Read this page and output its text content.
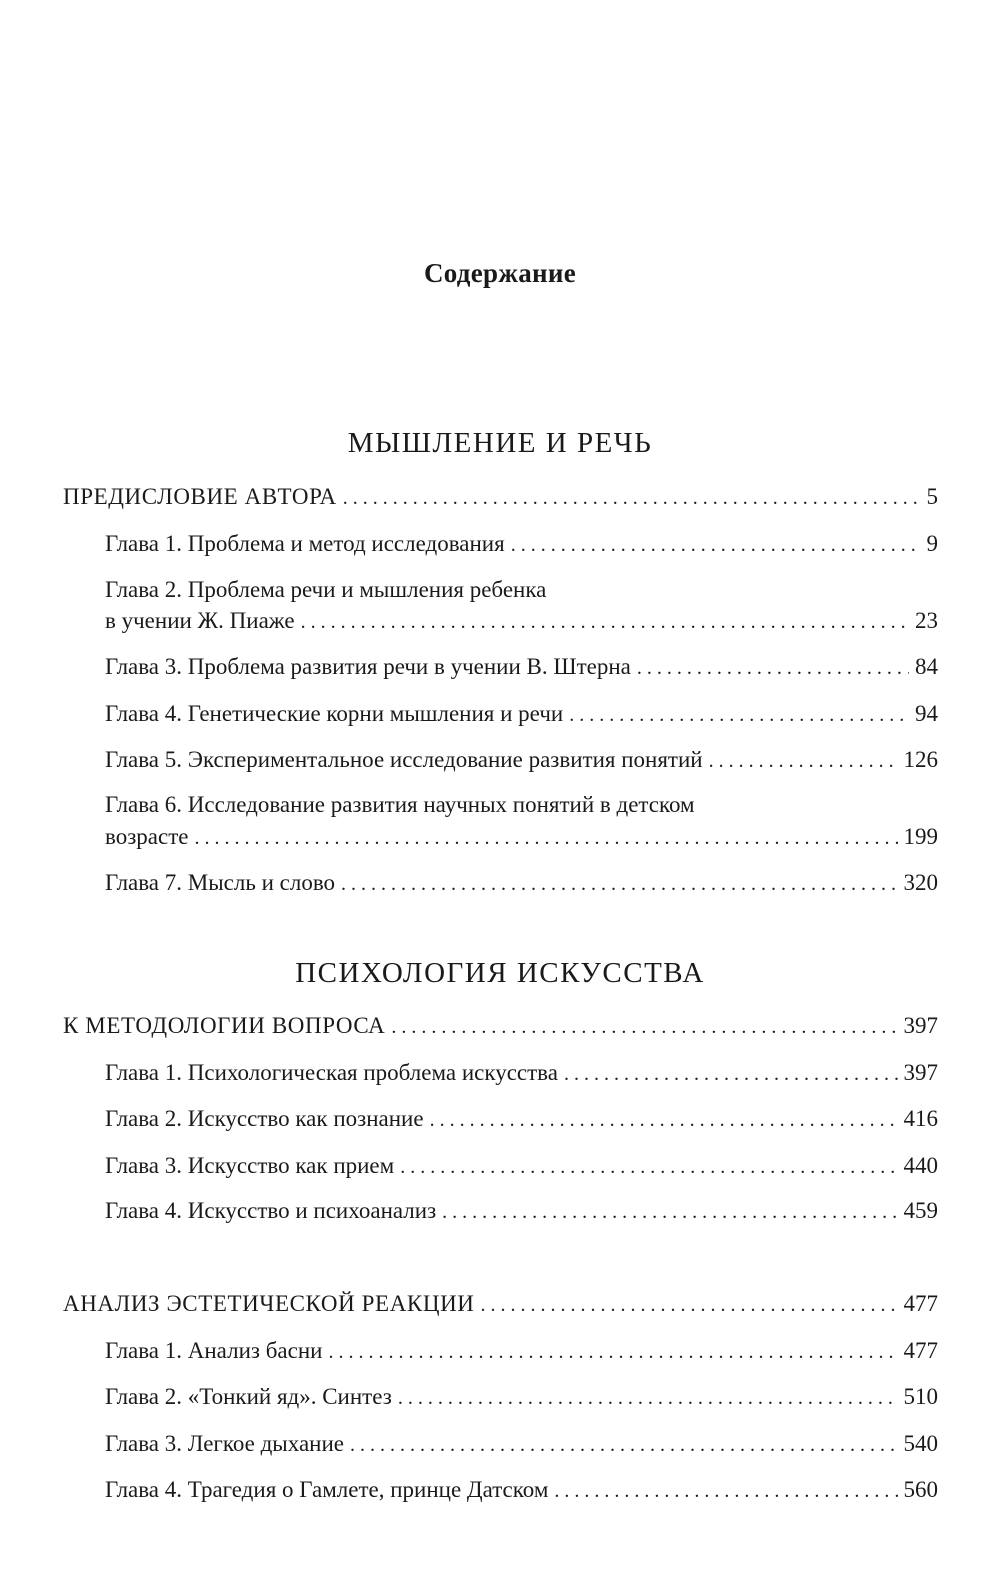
Содержание
МЫШЛЕНИЕ И РЕЧЬ
ПРЕДИСЛОВИЕ АВТОРА . . .	5
Глава 1. Проблема и метод исследования . . .	9
Глава 2. Проблема речи и мышления ребенка
в учении Ж. Пиаже . . .	23
Глава 3. Проблема развития речи в учении В. Штерна . . .	84
Глава 4. Генетические корни мышления и речи . . .	94
Глава 5. Экспериментальное исследование развития понятий . . .	126
Глава 6. Исследование развития научных понятий в детском
возрасте . . .	199
Глава 7. Мысль и слово . . .	320
ПСИХОЛОГИЯ ИСКУССТВА
К МЕТОДОЛОГИИ ВОПРОСА . . .	397
Глава 1. Психологическая проблема искусства . . .	397
Глава 2. Искусство как познание . . .	416
Глава 3. Искусство как прием . . .	440
Глава 4. Искусство и психоанализ . . .	459
АНАЛИЗ ЭСТЕТИЧЕСКОЙ РЕАКЦИИ . . .	477
Глава 1. Анализ басни . . .	477
Глава 2. «Тонкий яд». Синтез . . .	510
Глава 3. Легкое дыхание . . .	540
Глава 4. Трагедия о Гамлете, принце Датском . . .	560
